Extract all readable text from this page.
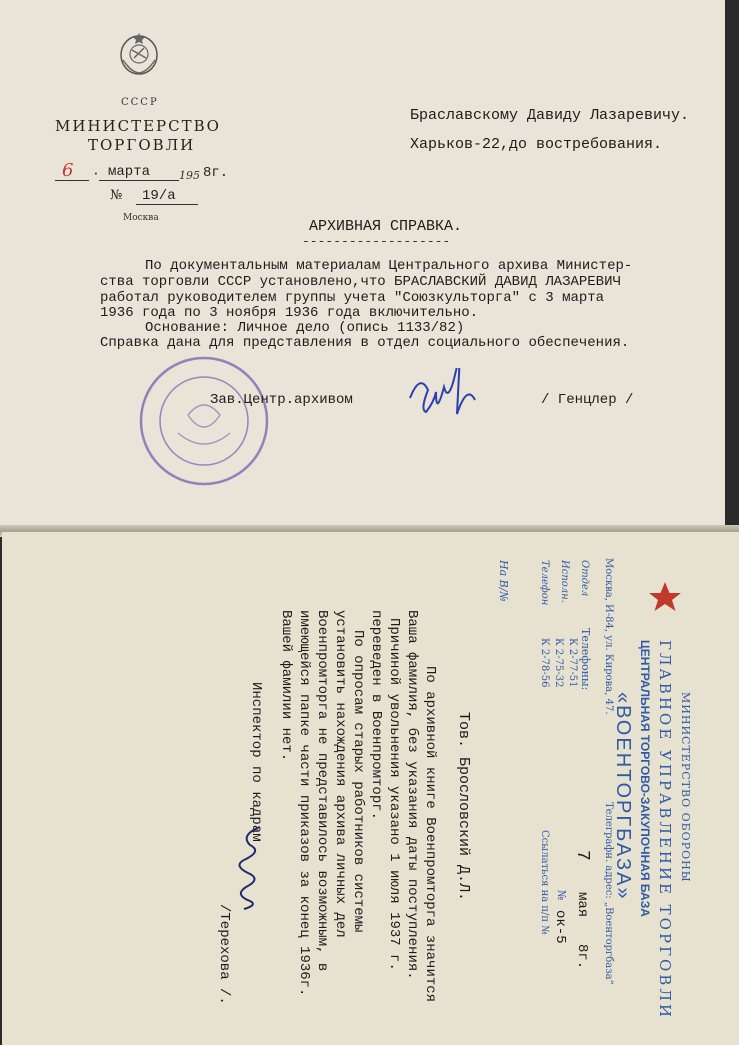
СССР
МИНИСТЕРСТВО
ТОРГОВЛИ
6 · марта	195 8г.
№ 19/а
Москва
Браславскому Давиду Лазаревичу.
Харьков-22,до востребования.
АРХИВНАЯ СПРАВКА.
-------------------
По документальным материалам Центрального архива Министер-
ства торговли СССР установлено,что БРАСЛАВСКИЙ ДАВИД ЛАЗАРЕВИЧ
работал руководителем группы учета "Союзкульторга" с 3 марта
1936 года по 3 ноября 1936 года включительно.
Основание: Личное дело (опись 1133/82)
Справка дана для представления в отдел социального обеспечения.
Зав.Центр.архивом	/ Генцлер /
МИНИСТЕРСТВО ОБОРОНЫ
ГЛАВНОЕ УПРАВЛЕНИЕ ТОРГОВЛИ
ЦЕНТРАЛЬНАЯ ТОРГОВО-ЗАКУПОЧНАЯ БАЗА
«ВОЕНТОРГБАЗА»
Москва, И-84, ул. Кирова, 47.
Телеграфн. адрес: „Военторгбаза“
Телефоны:
К 2-77-51
К 2-75-32
К 2-78-56
Отдел
Исполн.
Телефон
7
мая
8г.
№
ок-5
Ссылаться на п/п №
На В/№
Тов. Брословский Д.Л.
По архивной книге Военпромторга значится
Ваша фамилия, без указания даты поступления.
Причиной увольнения указано 1 июля 1937 г.
переведен в Военпромторг.
По опросам старых работников системы
установить нахождения архива личных дел
Военпромторга не представилось возможным, в
имеющейся папке части приказов за конец 1936г.
Вашей фамилии нет.
Инспектор по кадрам
/Терехова /.
